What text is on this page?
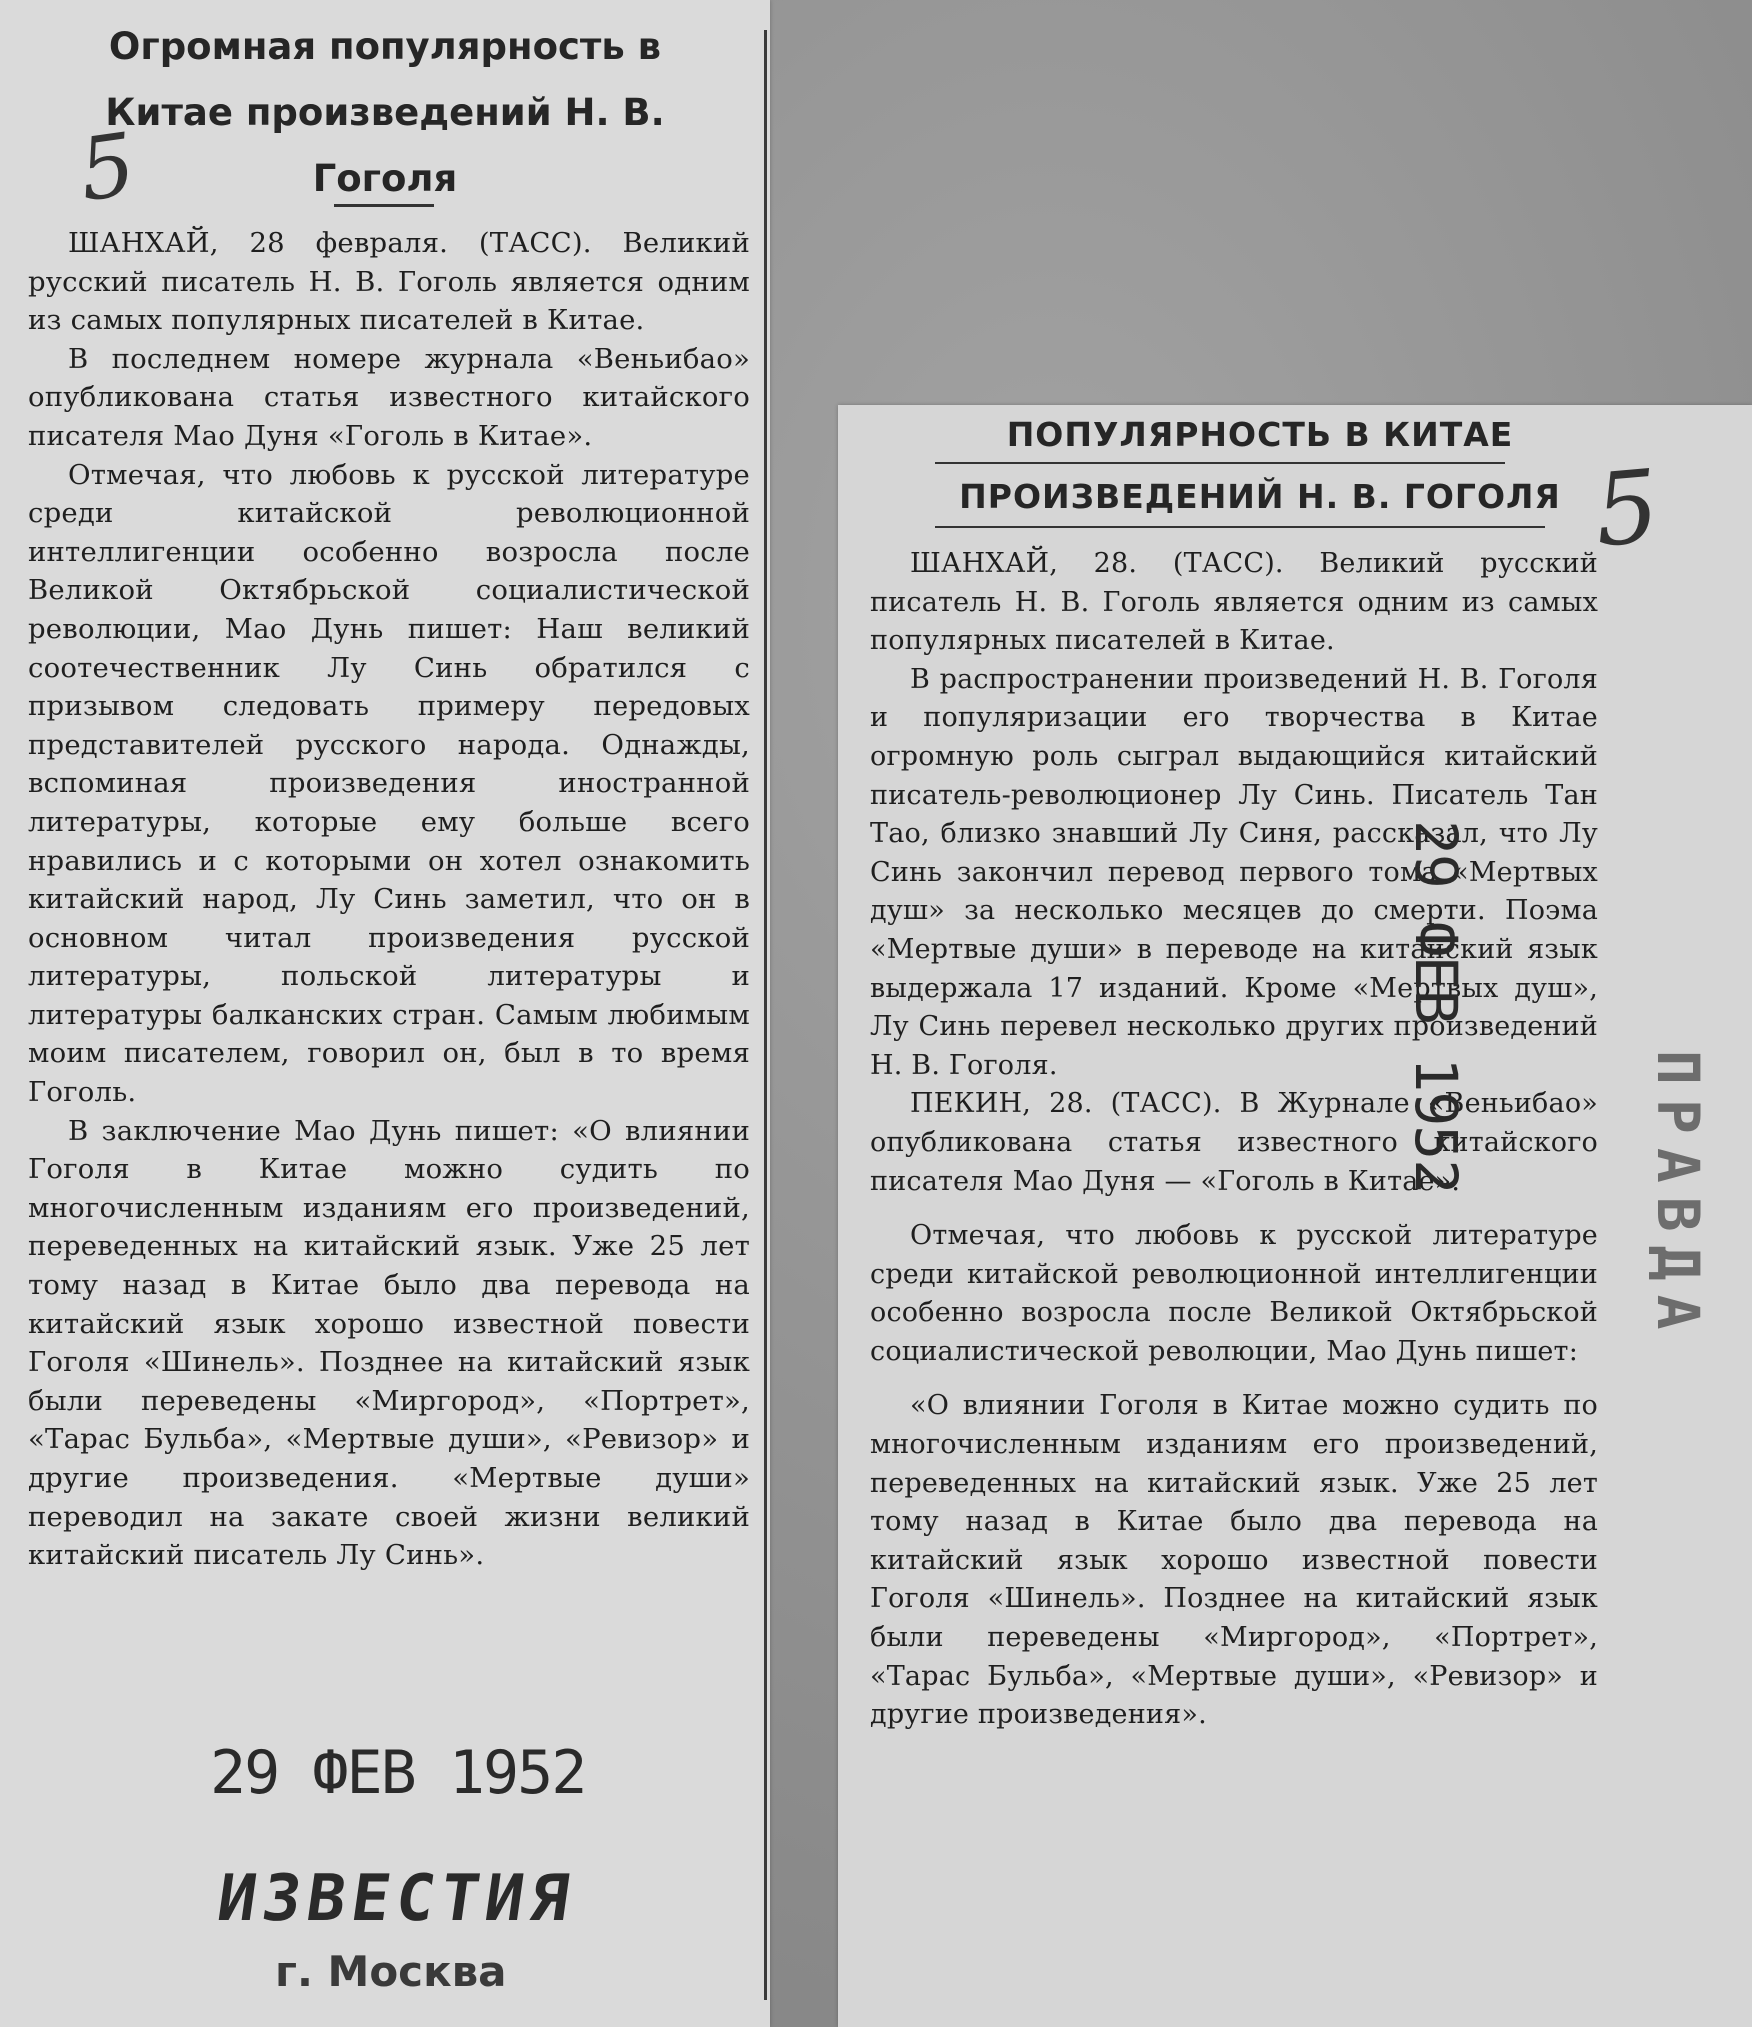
Огромная популярность в Китае произведений Н. В. Гоголя
5

ШАНХАЙ, 28 февраля. (ТАСС). Великий русский писатель Н. В. Гоголь является одним из самых популярных писателей в Китае.

В последнем номере журнала «Веньибао» опубликована статья известного китайского писателя Мао Дуня «Гоголь в Китае».

Отмечая, что любовь к русской литературе среди китайской революционной интеллигенции особенно возросла после Великой Октябрьской социалистической революции, Мао Дунь пишет: Наш великий соотечественник Лу Синь обратился с призывом следовать примеру передовых представителей русского народа. Однажды, вспоминая произведения иностранной литературы, которые ему больше всего нравились и с которыми он хотел ознакомить китайский народ, Лу Синь заметил, что он в основном читал произведения русской литературы, польской литературы и литературы балканских стран. Самым любимым моим писателем, говорил он, был в то время Гоголь.

В заключение Мао Дунь пишет: «О влиянии Гоголя в Китае можно судить по многочисленным изданиям его произведений, переведенных на китайский язык. Уже 25 лет тому назад в Китае было два перевода на китайский язык хорошо известной повести Гоголя «Шинель». Позднее на китайский язык были переведены «Миргород», «Портрет», «Тарас Бульба», «Мертвые души», «Ревизор» и другие произведения. «Мертвые души» переводил на закате своей жизни великий китайский писатель Лу Синь».

29 ФЕВ 1952
ИЗВЕСТИЯ
г. Москва
ПОПУЛЯРНОСТЬ В КИТАЕ
ПРОИЗВЕДЕНИЙ Н. В. ГОГОЛЯ 5

ШАНХАЙ, 28. (ТАСС). Великий русский писатель Н. В. Гоголь является одним из самых популярных писателей в Китае.

В распространении произведений Н. В. Гоголя и популяризации его творчества в Китае огромную роль сыграл выдающийся китайский писатель-революционер Лу Синь. Писатель Тан Тао, близко знавший Лу Синя, рассказал, что Лу Синь закончил перевод первого тома «Мертвых душ» за несколько месяцев до смерти. Поэма «Мертвые души» в переводе на китайский язык выдержала 17 изданий. Кроме «Мертвых душ», Лу Синь перевел несколько других произведений Н. В. Гоголя.

ПЕКИН, 28. (ТАСС). В Журнале «Веньибао» опубликована статья известного китайского писателя Мао Дуня — «Гоголь в Китае».

Отмечая, что любовь к русской литературе среди китайской революционной интеллигенции особенно возросла после Великой Октябрьской социалистической революции, Мао Дунь пишет:

«О влиянии Гоголя в Китае можно судить по многочисленным изданиям его произведений, переведенных на китайский язык. Уже 25 лет тому назад в Китае было два перевода на китайский язык хорошо известной повести Гоголя «Шинель». Позднее на китайский язык были переведены «Миргород», «Портрет», «Тарас Бульба», «Мертвые души», «Ревизор» и другие произведения».

29 ФЕВ 1952
ПРАВДА
